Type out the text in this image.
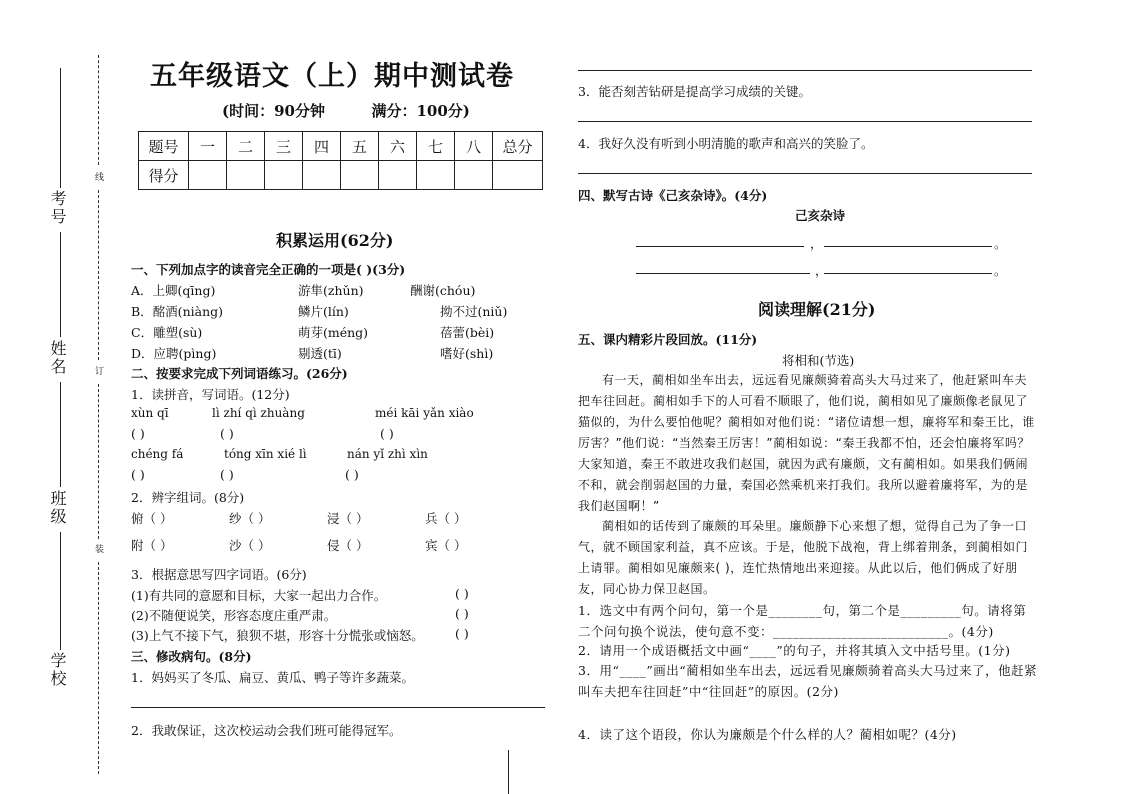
考号
姓名
班级
学校
线
订
装
五年级语文（上）期中测试卷
(时间：90分钟	满分：100分)
题号	一	二	三	四	五	六	七	八	总分
得分									
积累运用(62分)
一、下列加点字的读音完全正确的一项是( )(3分)
A．上卿(qīng)	游隼(zhǔn)	酬谢(chóu)
B．酩酒(niàng)	鳞片(lín)	拗不过(niǔ)
C．雕塑(sù)	萌芽(méng)	蓓蕾(bèi)
D．应聘(pìng)	剔透(tī)	嗜好(shì)
二、按要求完成下列词语练习。(26分)
1．读拼音，写词语。(12分)
xùn qī	lì zhí qì zhuàng	méi kāi yǎn xiào
( )	( )	( )
chéng fá	tóng xīn xié lì	nán yǐ zhì xìn
( )	( )	( )
2．辨字组词。(8分)
俯（ ）	纱（ ）	浸（ ）	兵（ ）
附（ ）	沙（ ）	侵（ ）	宾（ ）
3．根据意思写四字词语。(6分)
(1)有共同的意愿和目标，大家一起出力合作。	( )
(2)不随便说笑，形容态度庄重严肃。	( )
(3)上气不接下气，狼狈不堪，形容十分慌张或恼怒。	( )
三、修改病句。(8分)
1．妈妈买了冬瓜、扁豆、黄瓜、鸭子等许多蔬菜。
2．我敢保证，这次校运动会我们班可能得冠军。
3．能否刻苦钻研是提高学习成绩的关键。
4．我好久没有听到小明清脆的歌声和高兴的笑脸了。
四、默写古诗《己亥杂诗》。(4分)
己亥杂诗
，	。
，	。
阅读理解(21分)
五、课内精彩片段回放。(11分)
将相和(节选)
有一天，蔺相如坐车出去，远远看见廉颇骑着高头大马过来了，他赶紧叫车夫把车往回赶。蔺相如手下的人可看不顺眼了，他们说，蔺相如见了廉颇像老鼠见了猫似的，为什么要怕他呢？蔺相如对他们说：“诸位请想一想，廉将军和秦王比，谁厉害？”他们说：“当然秦王厉害！”蔺相如说：“秦王我都不怕，还会怕廉将军吗？大家知道，秦王不敢进攻我们赵国，就因为武有廉颇，文有蔺相如。如果我们俩闹不和，就会削弱赵国的力量，秦国必然乘机来打我们。我所以避着廉将军，为的是我们赵国啊！”
蔺相如的话传到了廉颇的耳朵里。廉颇静下心来想了想，觉得自己为了争一口气，就不顾国家利益，真不应该。于是，他脱下战袍，背上绑着荆条，到蔺相如门上请罪。蔺相如见廉颇来( )，连忙热情地出来迎接。从此以后，他们俩成了好朋友，同心协力保卫赵国。
1．选文中有两个问句，第一个是________句，第二个是_________句。请将第二个问句换个说法，使句意不变：__________________________。(4分)
2．请用一个成语概括文中画“____”的句子，并将其填入文中括号里。(1分)
3．用“____”画出“蔺相如坐车出去，远远看见廉颇骑着高头大马过来了，他赶紧叫车夫把车往回赶”中“往回赶”的原因。(2分)
4．读了这个语段，你认为廉颇是个什么样的人？蔺相如呢？(4分)
